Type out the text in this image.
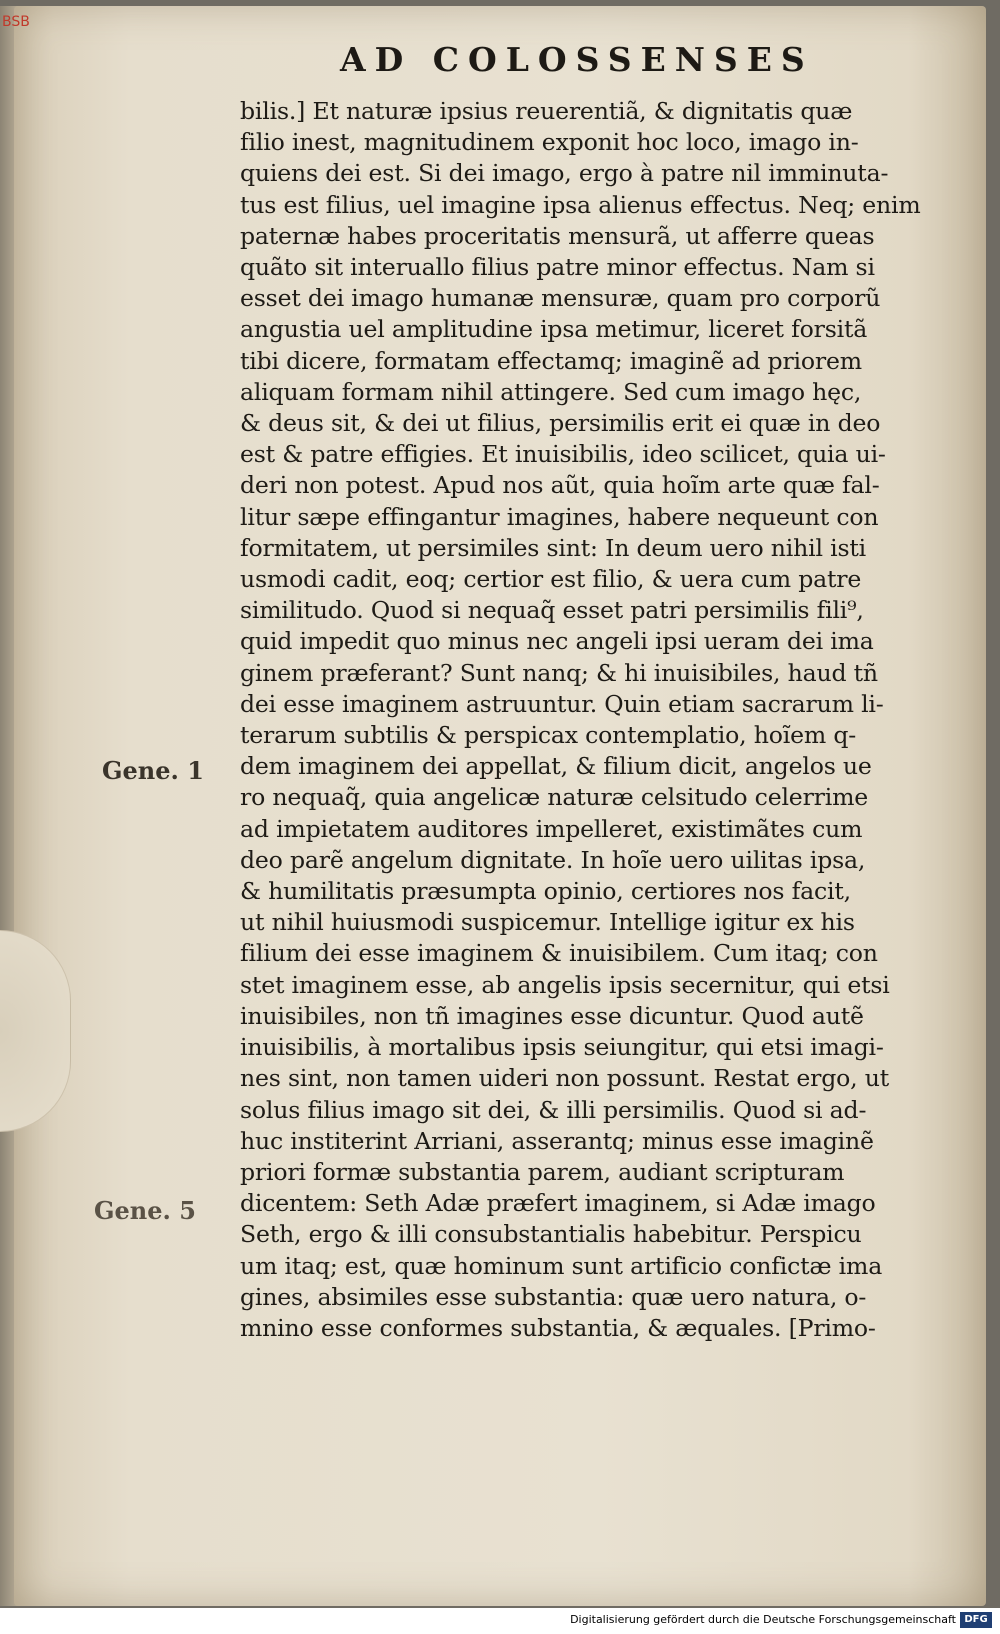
BSB
AD COLOSSENSES
Gene. 1
Gene. 5
bilis.] Et naturæ ipsius reuerentiã, & dignitatis quæ
filio inest, magnitudinem exponit hoc loco, imago in-
quiens dei est. Si dei imago, ergo à patre nil imminuta-
tus est filius, uel imagine ipsa alienus effectus. Neq; enim
paternæ habes proceritatis mensurã, ut afferre queas
quãto sit interuallo filius patre minor effectus. Nam si
esset dei imago humanæ mensuræ, quam pro corporũ
angustia uel amplitudine ipsa metimur, liceret forsitã
tibi dicere, formatam effectamq; imaginẽ ad priorem
aliquam formam nihil attingere. Sed cum imago hęc,
& deus sit, & dei ut filius, persimilis erit ei quæ in deo
est & patre effigies. Et inuisibilis, ideo scilicet, quia ui-
deri non potest. Apud nos aũt, quia hoĩm arte quæ fal-
litur sæpe effingantur imagines, habere nequeunt con
formitatem, ut persimiles sint: In deum uero nihil isti
usmodi cadit, eoq; certior est filio, & uera cum patre
similitudo. Quod si nequaq̃ esset patri persimilis fili⁹,
quid impedit quo minus nec angeli ipsi ueram dei ima
ginem præferant? Sunt nanq; & hi inuisibiles, haud tñ
dei esse imaginem astruuntur. Quin etiam sacrarum li-
terarum subtilis & perspicax contemplatio, hoĩem q-
dem imaginem dei appellat, & filium dicit, angelos ue
ro nequaq̃, quia angelicæ naturæ celsitudo celerrime
ad impietatem auditores impelleret, existimãtes cum
deo parẽ angelum dignitate. In hoĩe uero uilitas ipsa,
& humilitatis præsumpta opinio, certiores nos facit,
ut nihil huiusmodi suspicemur. Intellige igitur ex his
filium dei esse imaginem & inuisibilem. Cum itaq; con
stet imaginem esse, ab angelis ipsis secernitur, qui etsi
inuisibiles, non tñ imagines esse dicuntur. Quod autẽ
inuisibilis, à mortalibus ipsis seiungitur, qui etsi imagi-
nes sint, non tamen uideri non possunt. Restat ergo, ut
solus filius imago sit dei, & illi persimilis. Quod si ad-
huc institerint Arriani, asserantq; minus esse imaginẽ
priori formæ substantia parem, audiant scripturam
dicentem: Seth Adæ præfert imaginem, si Adæ imago
Seth, ergo & illi consubstantialis habebitur. Perspicu
um itaq; est, quæ hominum sunt artificio confictæ ima
gines, absimiles esse substantia: quæ uero natura, o-
mnino esse conformes substantia, & æquales. [Primo-
Digitalisierung gefördert durch die Deutsche Forschungsgemeinschaft DFG
